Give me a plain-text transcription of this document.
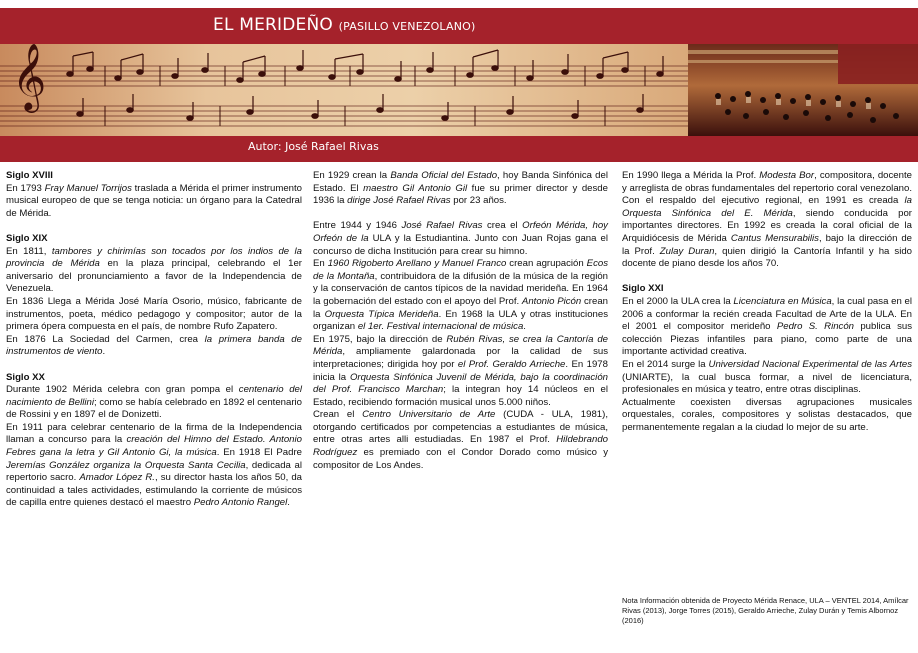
EL MERIDEÑO (PASILLO VENEZOLANO)
𝄞
Autor: José Rafael Rivas

Siglo XVIII

En 1793 Fray Manuel Torrijos traslada a Mérida el primer instrumento musical europeo de que se tenga noticia: un órgano para la Catedral de Mérida.

Siglo XIX

En 1811, tambores y chirimías son tocados por los indios de la provincia de Mérida en la plaza principal, celebrando el 1er aniversario del pronunciamiento a favor de la Independencia de Venezuela.

En 1836 Llega a Mérida José María Osorio, músico, fabricante de instrumentos, poeta, médico pedagogo y compositor; autor de la primera ópera compuesta en el país, de nombre Rufo Zapatero.

En 1876 La Sociedad del Carmen, crea la primera banda de instrumentos de viento.

Siglo XX

Durante 1902 Mérida celebra con gran pompa el centenario del nacimiento de Bellini; como se había celebrado en 1892 el centenario de Rossini y en 1897 el de Donizetti.

En 1911 para celebrar centenario de la firma de la Independencia llaman a concurso para la creación del Himno del Estado. Antonio Febres gana la letra y Gil Antonio Gi, la música. En 1918 El Padre Jeremías González organiza la Orquesta Santa Cecilia, dedicada al repertorio sacro. Amador López R., su director hasta los años 50, da continuidad a tales actividades, estimulando la corriente de músicos de capilla entre quienes destacó el maestro Pedro Antonio Rangel.

En 1929 crean la Banda Oficial del Estado, hoy Banda Sinfónica del Estado. El maestro Gil Antonio Gil fue su primer director y desde 1936 la dirige José Rafael Rivas por 23 años.

Entre 1944 y 1946 José Rafael Rivas crea el Orfeón Mérida, hoy Orfeón de la ULA y la Estudiantina. Junto con Juan Rojas gana el concurso de dicha Institución para crear su himno.

En 1960 Rigoberto Arellano y Manuel Franco crean agrupación Ecos de la Montaña, contribuidora de la difusión de la música de la región y la conservación de cantos típicos de la navidad merideña. En 1964 la gobernación del estado con el apoyo del Prof. Antonio Picón crean la Orquesta Típica Merideña. En 1968 la ULA y otras instituciones organizan el 1er. Festival internacional de música.

En 1975, bajo la dirección de Rubén Rivas, se crea la Cantoría de Mérida, ampliamente galardonada por la calidad de sus interpretaciones; dirigida hoy por el Prof. Geraldo Arrieche. En 1978 inicia la Orquesta Sinfónica Juvenil de Mérida, bajo la coordinación del Prof. Francisco Marchan; la integran hoy 14 núcleos en el Estado, recibiendo formación musical unos 5.000 niños.

Crean el Centro Universitario de Arte (CUDA - ULA, 1981), otorgando certificados por competencias a estudiantes de música, entre otras artes alli estudiadas. En 1987 el Prof. Hildebrando Rodríguez es premiado con el Condor Dorado como músico y compositor de Los Andes.

En 1990 llega a Mérida la Prof. Modesta Bor, compositora, docente y arreglista de obras fundamentales del repertorio coral venezolano. Con el respaldo del ejecutivo regional, en 1991 es creada la Orquesta Sinfónica del E. Mérida, siendo conducida por importantes directores. En 1992 es creada la coral oficial de la Arquidiócesis de Mérida Cantus Mensurabilis, bajo la dirección de la Prof. Zulay Duran, quien dirigió la Cantoría Infantil y ha sido docente de piano desde los años 70.

Siglo XXI

En el 2000 la ULA crea la Licenciatura en Música, la cual pasa en el 2006 a conformar la recién creada Facultad de Arte de la ULA. En el 2001 el compositor merideño Pedro S. Rincón publica sus colección Piezas infantiles para piano, como parte de una importante actividad creativa.

En el 2014 surge la Universidad Nacional Experimental de las Artes (UNIARTE), la cual busca formar, a nivel de licenciatura, profesionales en música y teatro, entre otras disciplinas.

Actualmente coexisten diversas agrupaciones musicales orquestales, corales, compositores y solistas destacados, que permanentemente regalan a la ciudad lo mejor de su arte.

Nota Información obtenida de Proyecto Mérida Renace, ULA – VENTEL 2014, Amílcar Rivas (2013), Jorge Torres (2015), Geraldo Arrieche, Zulay Durán y Temis Albornoz (2016)
